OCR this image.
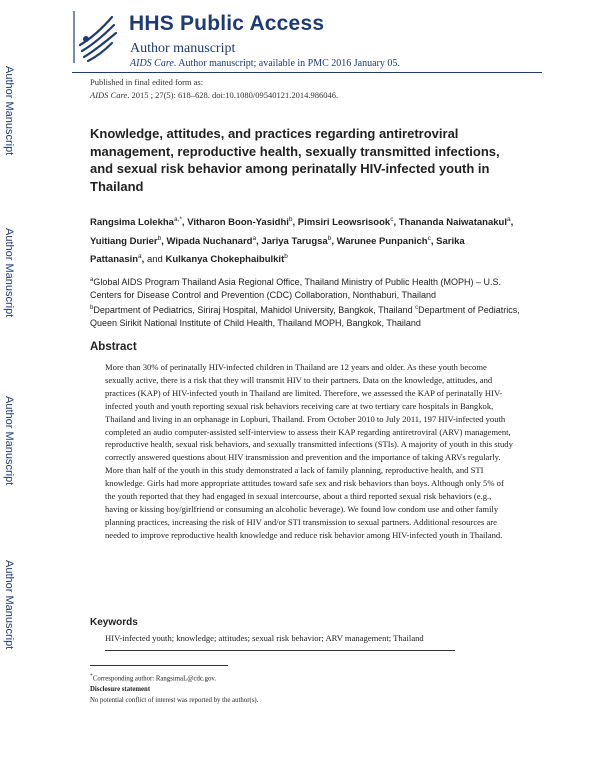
HHS Public Access
Author manuscript
AIDS Care. Author manuscript; available in PMC 2016 January 05.
Published in final edited form as:
AIDS Care. 2015 ; 27(5): 618–628. doi:10.1080/09540121.2014.986046.
Author Manuscript
Author Manuscript
Author Manuscript
Author Manuscript
Knowledge, attitudes, and practices regarding antiretroviral management, reproductive health, sexually transmitted infections, and sexual risk behavior among perinatally HIV-infected youth in Thailand
Rangsima Lolekha$^{a,*}$, Vitharon Boon-Yasidhi$^b$, Pimsiri Leowsrisook$^c$, Thananda Naiwatanakul$^a$, Yuitiang Durier$^b$, Wipada Nuchanard$^a$, Jariya Tarugsa$^b$, Warunee Punpanich$^c$, Sarika Pattanasin$^a$, and Kulkanya Chokephaibulkit$^b$
$^a$Global AIDS Program Thailand Asia Regional Office, Thailand Ministry of Public Health (MOPH) – U.S. Centers for Disease Control and Prevention (CDC) Collaboration, Nonthaburi, Thailand
$^b$Department of Pediatrics, Siriraj Hospital, Mahidol University, Bangkok, Thailand $^c$Department of Pediatrics, Queen Sirikit National Institute of Child Health, Thailand MOPH, Bangkok, Thailand
Abstract

More than 30% of perinatally HIV-infected children in Thailand are 12 years and older. As these youth become sexually active, there is a risk that they will transmit HIV to their partners. Data on the knowledge, attitudes, and practices (KAP) of HIV-infected youth in Thailand are limited. Therefore, we assessed the KAP of perinatally HIV-infected youth and youth reporting sexual risk behaviors receiving care at two tertiary care hospitals in Bangkok, Thailand and living in an orphanage in Lopburi, Thailand. From October 2010 to July 2011, 197 HIV-infected youth completed an audio computer-assisted self-interview to assess their KAP regarding antiretroviral (ARV) management, reproductive health, sexual risk behaviors, and sexually transmitted infections (STIs). A majority of youth in this study correctly answered questions about HIV transmission and prevention and the importance of taking ARVs regularly. More than half of the youth in this study demonstrated a lack of family planning, reproductive health, and STI knowledge. Girls had more appropriate attitudes toward safe sex and risk behaviors than boys. Although only 5% of the youth reported that they had engaged in sexual intercourse, about a third reported sexual risk behaviors (e.g., having or kissing boy/girlfriend or consuming an alcoholic beverage). We found low condom use and other family planning practices, increasing the risk of HIV and/or STI transmission to sexual partners. Additional resources are needed to improve reproductive health knowledge and reduce risk behavior among HIV-infected youth in Thailand.

Keywords
HIV-infected youth; knowledge; attitudes; sexual risk behavior; ARV management; Thailand
*Corresponding author: RangsimaL@cdc.gov.
Disclosure statement
No potential conflict of interest was reported by the author(s).
